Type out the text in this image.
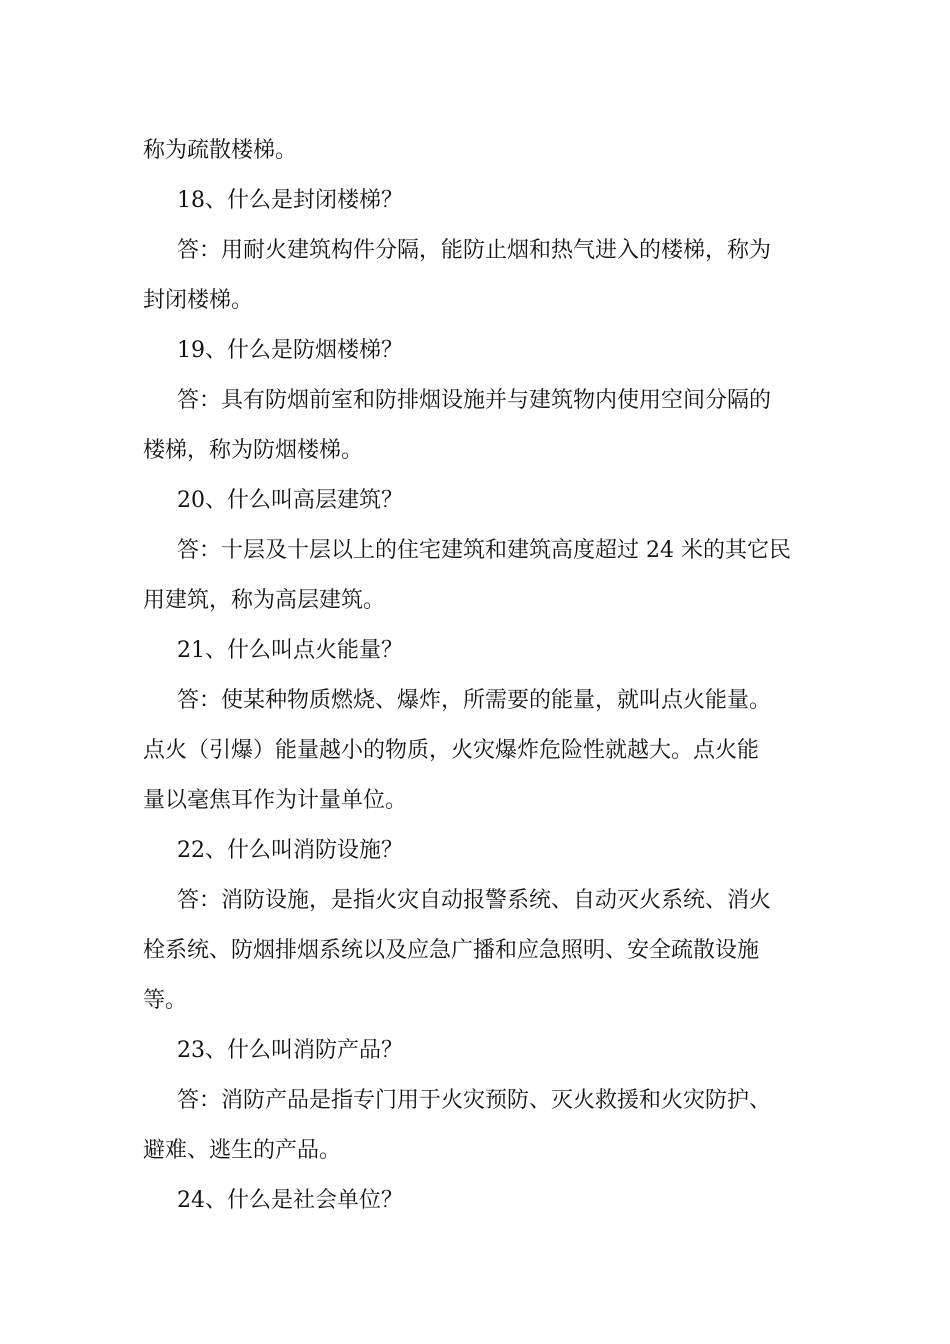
称为疏散楼梯。
18、什么是封闭楼梯？
答：用耐火建筑构件分隔，能防止烟和热气进入的楼梯，称为
封闭楼梯。
19、什么是防烟楼梯？
答：具有防烟前室和防排烟设施并与建筑物内使用空间分隔的
楼梯，称为防烟楼梯。
20、什么叫高层建筑？
答：十层及十层以上的住宅建筑和建筑高度超过 24 米的其它民
用建筑，称为高层建筑。
21、什么叫点火能量？
答：使某种物质燃烧、爆炸，所需要的能量，就叫点火能量。
点火（引爆）能量越小的物质，火灾爆炸危险性就越大。点火能
量以毫焦耳作为计量单位。
22、什么叫消防设施？
答：消防设施，是指火灾自动报警系统、自动灭火系统、消火
栓系统、防烟排烟系统以及应急广播和应急照明、安全疏散设施
等。
23、什么叫消防产品？
答：消防产品是指专门用于火灾预防、灭火救援和火灾防护、
避难、逃生的产品。
24、什么是社会单位？
